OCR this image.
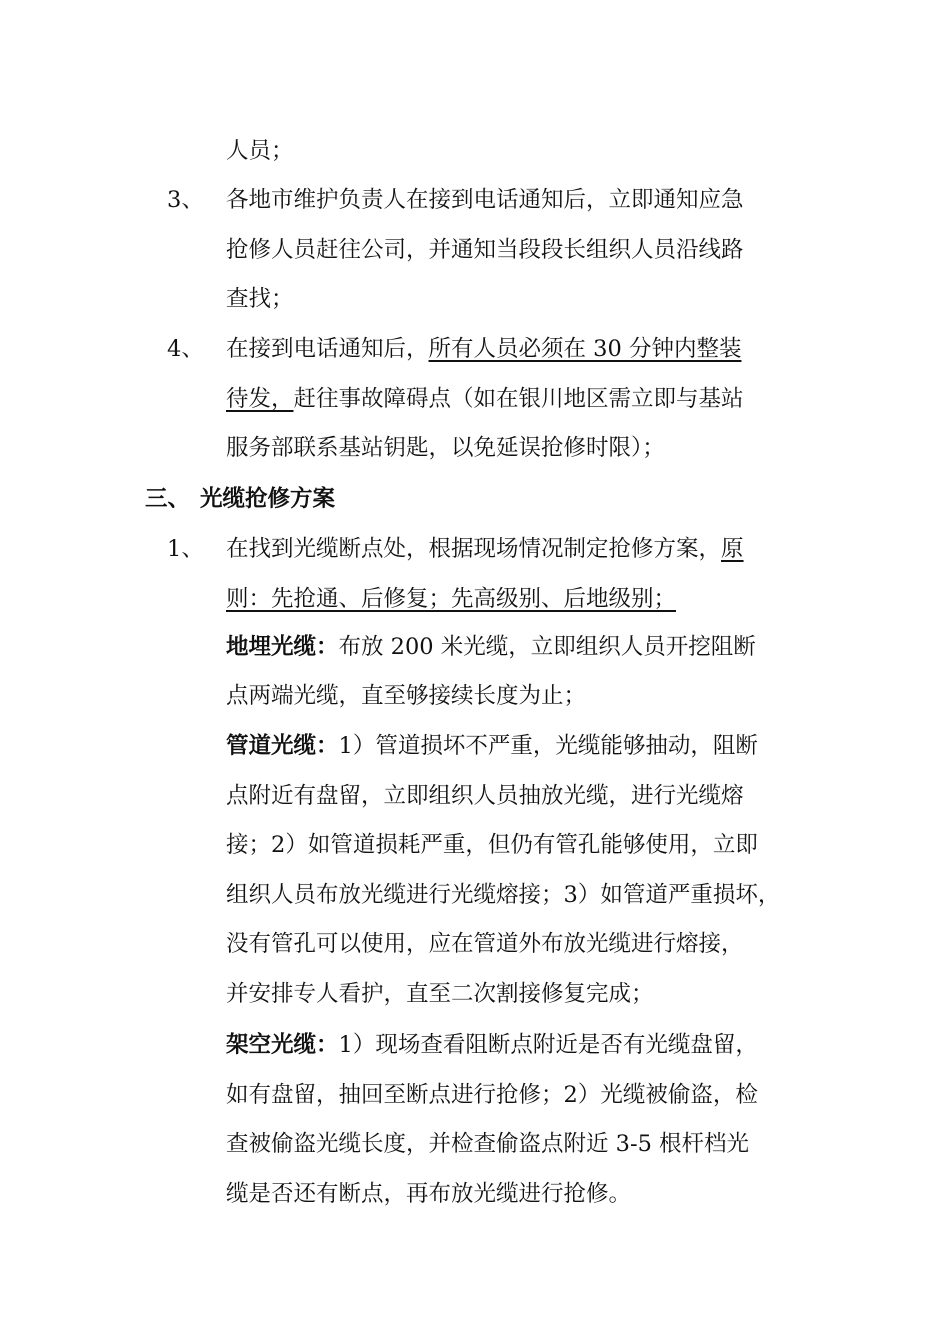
人员；
3、 各地市维护负责人在接到电话通知后，立即通知应急
抢修人员赶往公司，并通知当段段长组织人员沿线路
查找；
4、 在接到电话通知后，所有人员必须在 30 分钟内整装
待发，赶往事故障碍点（如在银川地区需立即与基站
服务部联系基站钥匙，以免延误抢修时限）；
三、 光缆抢修方案
1、 在找到光缆断点处，根据现场情况制定抢修方案，原
则：先抢通、后修复；先高级别、后地级别；
地埋光缆：布放 200 米光缆，立即组织人员开挖阻断
点两端光缆，直至够接续长度为止；
管道光缆：1）管道损坏不严重，光缆能够抽动，阻断
点附近有盘留，立即组织人员抽放光缆，进行光缆熔
接；2）如管道损耗严重，但仍有管孔能够使用，立即
组织人员布放光缆进行光缆熔接；3）如管道严重损坏，
没有管孔可以使用，应在管道外布放光缆进行熔接，
并安排专人看护，直至二次割接修复完成；
架空光缆：1）现场查看阻断点附近是否有光缆盘留，
如有盘留，抽回至断点进行抢修；2）光缆被偷盗，检
查被偷盗光缆长度，并检查偷盗点附近 3-5 根杆档光
缆是否还有断点，再布放光缆进行抢修。
